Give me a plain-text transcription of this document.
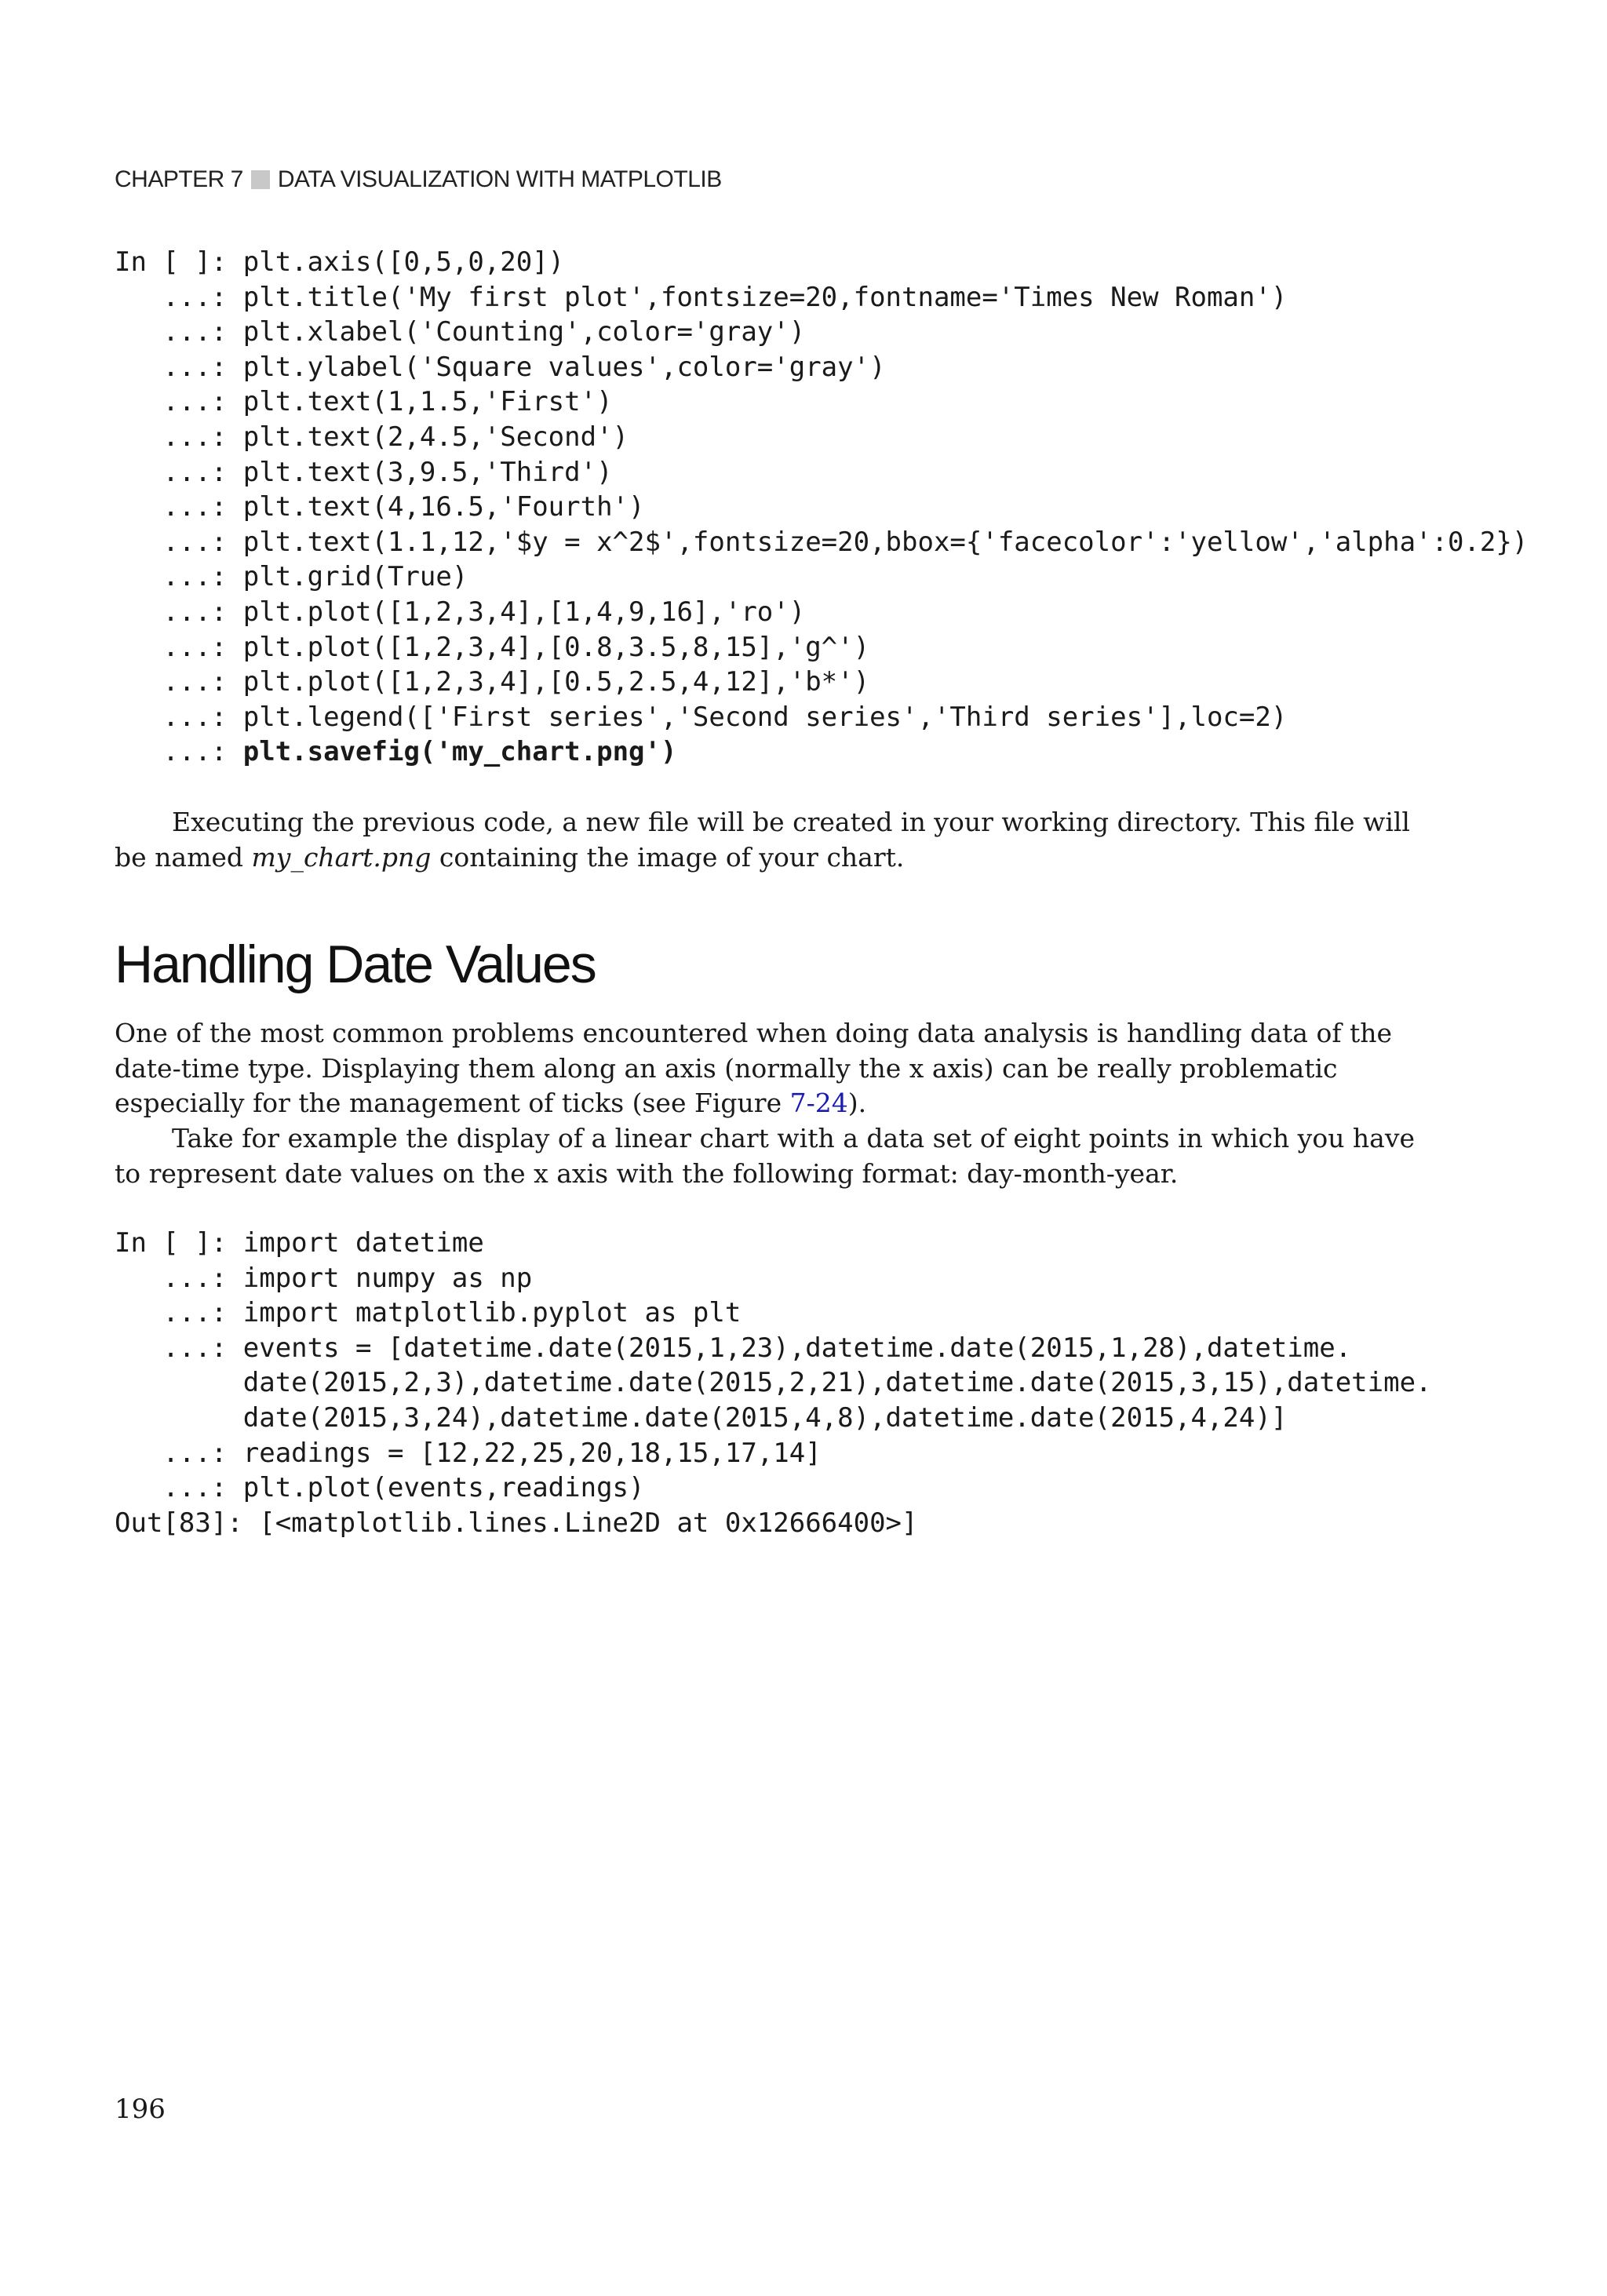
CHAPTER 7 DATA VISUALIZATION WITH MATPLOTLIB
In [ ]: plt.axis([0,5,0,20])
...: plt.title('My first plot',fontsize=20,fontname='Times New Roman')
...: plt.xlabel('Counting',color='gray')
...: plt.ylabel('Square values',color='gray')
...: plt.text(1,1.5,'First')
...: plt.text(2,4.5,'Second')
...: plt.text(3,9.5,'Third')
...: plt.text(4,16.5,'Fourth')
...: plt.text(1.1,12,'$y = x^2$',fontsize=20,bbox={'facecolor':'yellow','alpha':0.2})
...: plt.grid(True)
...: plt.plot([1,2,3,4],[1,4,9,16],'ro')
...: plt.plot([1,2,3,4],[0.8,3.5,8,15],'g^')
...: plt.plot([1,2,3,4],[0.5,2.5,4,12],'b*')
...: plt.legend(['First series','Second series','Third series'],loc=2)
...: plt.savefig('my_chart.png')

Executing the previous code, a new file will be created in your working directory. This file will be named my_chart.png containing the image of your chart.

Handling Date Values

One of the most common problems encountered when doing data analysis is handling data of the date-time type. Displaying them along an axis (normally the x axis) can be really problematic especially for the management of ticks (see Figure 7-24).

Take for example the display of a linear chart with a data set of eight points in which you have to represent date values on the x axis with the following format: day-month-year.

In [ ]: import datetime
...: import numpy as np
...: import matplotlib.pyplot as plt
...: events = [datetime.date(2015,1,23),datetime.date(2015,1,28),datetime.
date(2015,2,3),datetime.date(2015,2,21),datetime.date(2015,3,15),datetime.
date(2015,3,24),datetime.date(2015,4,8),datetime.date(2015,4,24)]
...: readings = [12,22,25,20,18,15,17,14]
...: plt.plot(events,readings)
Out[83]: [<matplotlib.lines.Line2D at 0x12666400>]
196
